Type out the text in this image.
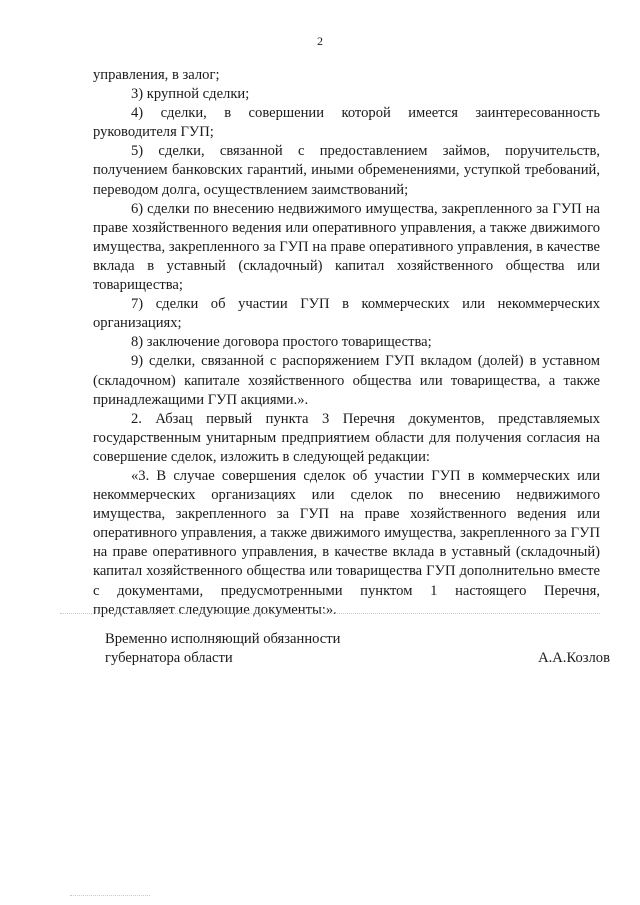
2

управления, в залог;

3) крупной сделки;

4) сделки, в совершении которой имеется заинтересованность руководителя ГУП;

5) сделки, связанной с предоставлением займов, поручительств, получением банковских гарантий, иными обременениями, уступкой требований, переводом долга, осуществлением заимствований;

6) сделки по внесению недвижимого имущества, закрепленного за ГУП на праве хозяйственного ведения или оперативного управления, а также движимого имущества, закрепленного за ГУП на праве оперативного управления, в качестве вклада в уставный (складочный) капитал хозяйственного общества или товарищества;

7) сделки об участии ГУП в коммерческих или некоммерческих организациях;

8) заключение договора простого товарищества;

9) сделки, связанной с распоряжением ГУП вкладом (долей) в уставном (складочном) капитале хозяйственного общества или товарищества, а также принадлежащими ГУП акциями.».

2. Абзац первый пункта 3 Перечня документов, представляемых государственным унитарным предприятием области для получения согласия на совершение сделок, изложить в следующей редакции:

«3. В случае совершения сделок об участии ГУП в коммерческих или некоммерческих организациях или сделок по внесению недвижимого имущества, закрепленного за ГУП на праве хозяйственного ведения или оперативного управления, а также движимого имущества, закрепленного за ГУП на праве оперативного управления, в качестве вклада в уставный (складочный) капитал хозяйственного общества или товарищества ГУП дополнительно вместе с документами, предусмотренными пунктом 1 настоящего Перечня, представляет следующие документы:».

Временно исполняющий обязанности
губернатора области	А.А.Козлов
